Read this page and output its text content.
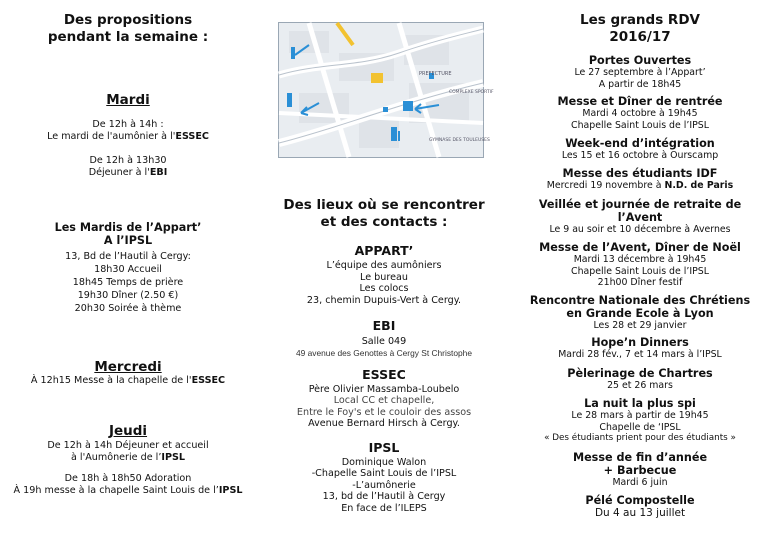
Des propositions
pendant la semaine :
Mardi
De 12h à 14h :
Le mardi de l'aumônier à l'ESSEC
De 12h à 13h30
Déjeuner à l'EBI
Les Mardis de l’Appart’
A l’IPSL
13, Bd de l’Hautil à Cergy:
18h30 Accueil
18h45 Temps de prière
19h30 Dîner (2.50 €)
20h30 Soirée à thème
Mercredi
À 12h15 Messe à la chapelle de l'ESSEC
Jeudi
De 12h à 14h Déjeuner et accueil
à l'Aumônerie de l’IPSL
De 18h à 18h50 Adoration
À 19h messe à la chapelle Saint Louis de l’IPSL
PREFECTURE
COMPLEXE SPORTIF
GYMNASE DES TOULEUSES
Des lieux où se rencontrer
et des contacts :
APPART’
L’équipe des aumôniers
Le bureau
Les colocs
23, chemin Dupuis-Vert à Cergy.
EBI
Salle 049
49 avenue des Genottes à Cergy St Christophe
ESSEC
Père Olivier Massamba-Loubelo
Local CC et chapelle,
Entre le Foy's et le couloir des assos
Avenue Bernard Hirsch à Cergy.
IPSL
Dominique Walon
-Chapelle Saint Louis de l’IPSL
-L’aumônerie
13, bd de l’Hautil à Cergy
En face de l’ILEPS
Les grands RDV
2016/17
Portes Ouvertes
Le 27 septembre à l’Appart’
A partir de 18h45
Messe et Dîner de rentrée
Mardi 4 octobre à 19h45
Chapelle Saint Louis de l’IPSL
Week-end d’intégration
Les 15 et 16 octobre à Ourscamp
Messe des étudiants IDF
Mercredi 19 novembre à N.D. de Paris
Veillée et journée de retraite de
l’Avent
Le 9 au soir et 10 décembre à Avernes
Messe de l’Avent, Dîner de Noël
Mardi 13 décembre à 19h45
Chapelle Saint Louis de l’IPSL
21h00 Dîner festif
Rencontre Nationale des Chrétiens
en Grande Ecole à Lyon
Les 28 et 29 janvier
Hope’n Dinners
Mardi 28 fév., 7 et 14 mars à l’IPSL
Pèlerinage de Chartres
25 et 26 mars
La nuit la plus spi
Le 28 mars à partir de 19h45
Chapelle de ‘IPSL
« Des étudiants prient pour des étudiants »
Messe de fin d’année
+ Barbecue
Mardi 6 juin
Pélé Compostelle
Du 4 au 13 juillet
